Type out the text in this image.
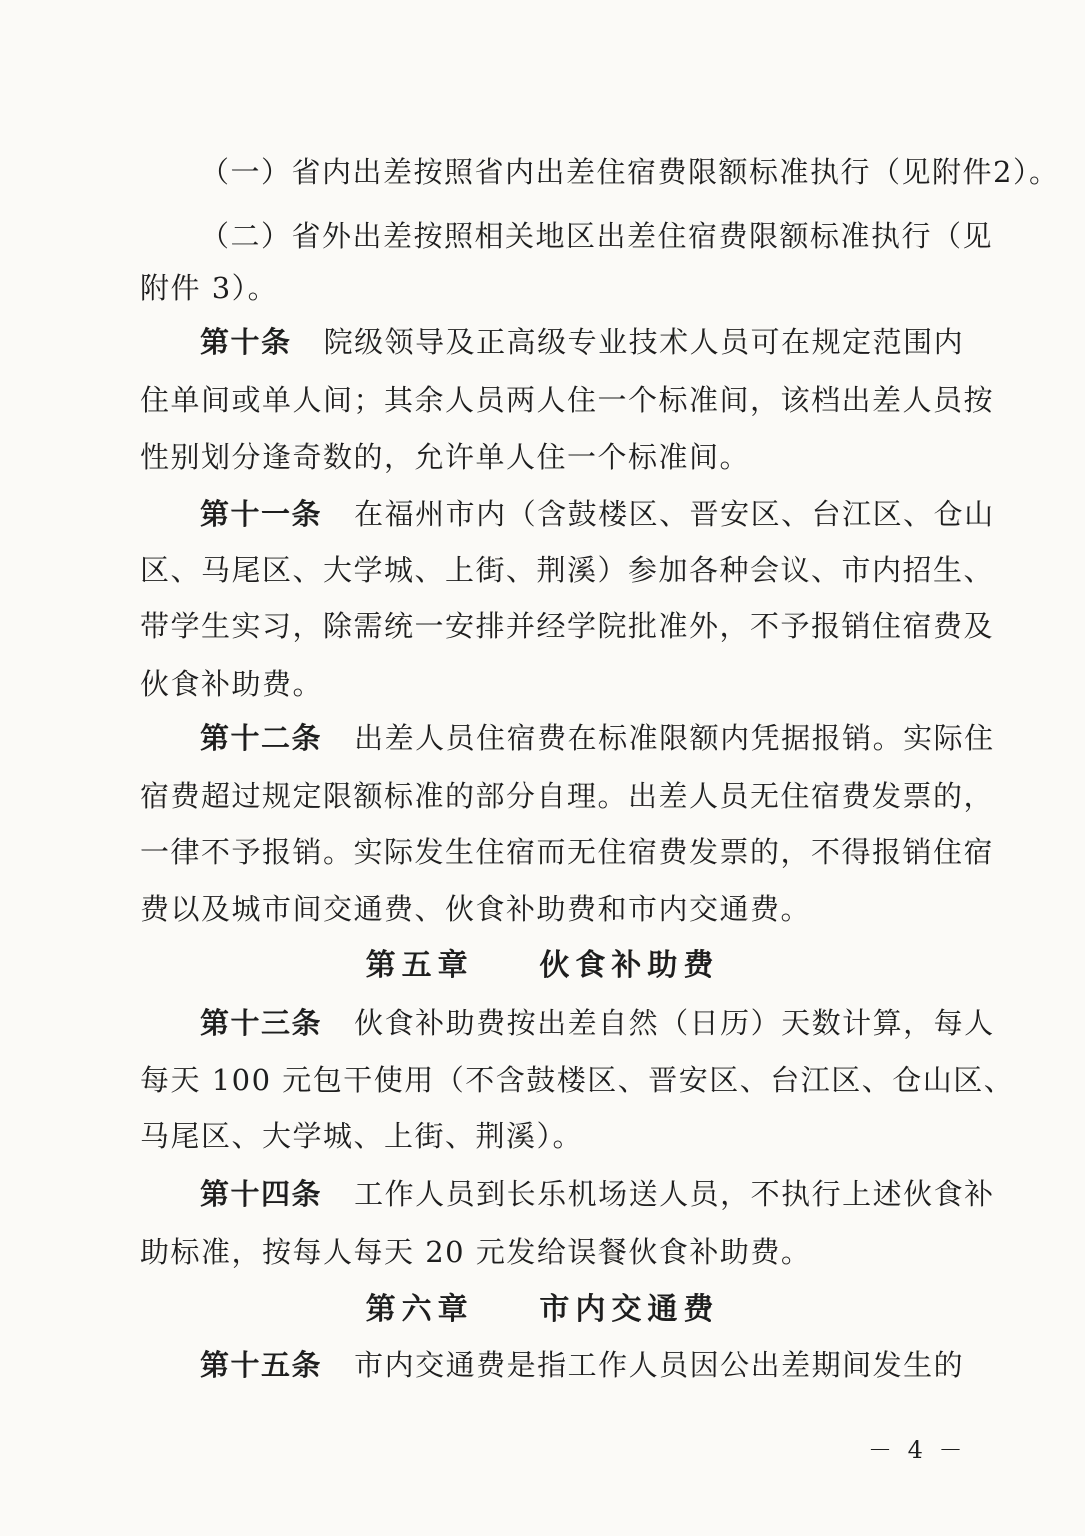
（一）省内出差按照省内出差住宿费限额标准执行（见附件2）。
（二）省外出差按照相关地区出差住宿费限额标准执行（见
附件 3）。
第十条 院级领导及正高级专业技术人员可在规定范围内
住单间或单人间；其余人员两人住一个标准间，该档出差人员按
性别划分逢奇数的，允许单人住一个标准间。
第十一条 在福州市内（含鼓楼区、晋安区、台江区、仓山
区、马尾区、大学城、上街、荆溪）参加各种会议、市内招生、
带学生实习，除需统一安排并经学院批准外，不予报销住宿费及
伙食补助费。
第十二条 出差人员住宿费在标准限额内凭据报销。实际住
宿费超过规定限额标准的部分自理。出差人员无住宿费发票的，
一律不予报销。实际发生住宿而无住宿费发票的，不得报销住宿
费以及城市间交通费、伙食补助费和市内交通费。
第五章    伙食补助费
第十三条 伙食补助费按出差自然（日历）天数计算，每人
每天 100 元包干使用（不含鼓楼区、晋安区、台江区、仓山区、
马尾区、大学城、上街、荆溪）。
第十四条 工作人员到长乐机场送人员，不执行上述伙食补
助标准，按每人每天 20 元发给误餐伙食补助费。
第六章    市内交通费
第十五条 市内交通费是指工作人员因公出差期间发生的
－ 4 －
